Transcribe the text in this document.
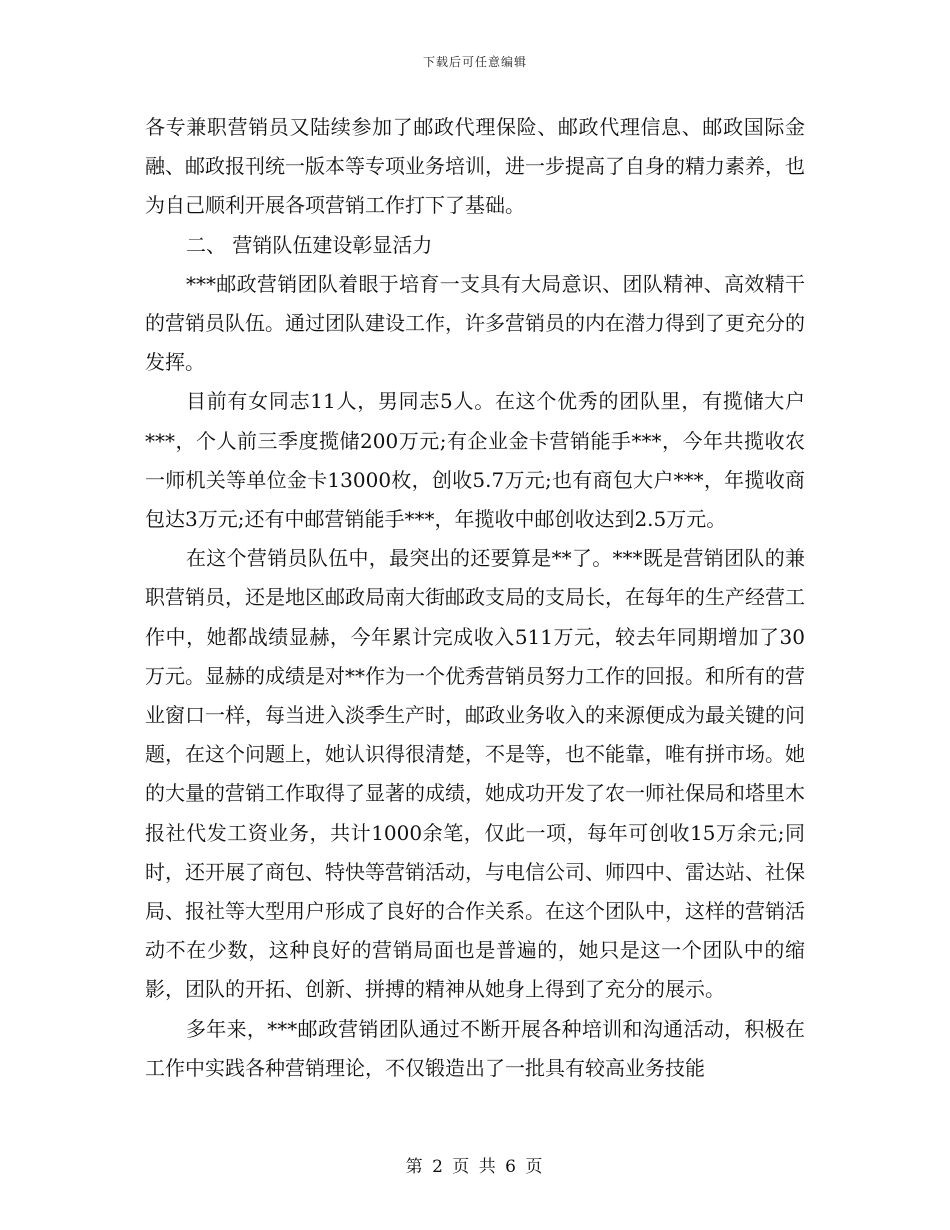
下载后可任意编辑

各专兼职营销员又陆续参加了邮政代理保险、邮政代理信息、邮政国际金融、邮政报刊统一版本等专项业务培训，进一步提高了自身的精力素养，也为自己顺利开展各项营销工作打下了基础。

二、 营销队伍建设彰显活力

***邮政营销团队着眼于培育一支具有大局意识、团队精神、高效精干的营销员队伍。通过团队建设工作，许多营销员的内在潜力得到了更充分的发挥。

目前有女同志11人，男同志5人。在这个优秀的团队里，有揽储大户***，个人前三季度揽储200万元;有企业金卡营销能手***，今年共揽收农一师机关等单位金卡13000枚，创收5.7万元;也有商包大户***，年揽收商包达3万元;还有中邮营销能手***，年揽收中邮创收达到2.5万元。

在这个营销员队伍中，最突出的还要算是**了。***既是营销团队的兼职营销员，还是地区邮政局南大街邮政支局的支局长，在每年的生产经营工作中，她都战绩显赫，今年累计完成收入511万元，较去年同期增加了30万元。显赫的成绩是对**作为一个优秀营销员努力工作的回报。和所有的营业窗口一样，每当进入淡季生产时，邮政业务收入的来源便成为最关键的问题，在这个问题上，她认识得很清楚，不是等，也不能靠，唯有拼市场。她的大量的营销工作取得了显著的成绩，她成功开发了农一师社保局和塔里木报社代发工资业务，共计1000余笔，仅此一项，每年可创收15万余元;同时，还开展了商包、特快等营销活动，与电信公司、师四中、雷达站、社保局、报社等大型用户形成了良好的合作关系。在这个团队中，这样的营销活动不在少数，这种良好的营销局面也是普遍的，她只是这一个团队中的缩影，团队的开拓、创新、拼搏的精神从她身上得到了充分的展示。

多年来，***邮政营销团队通过不断开展各种培训和沟通活动，积极在工作中实践各种营销理论，不仅锻造出了一批具有较高业务技能

第 2 页 共 6 页
